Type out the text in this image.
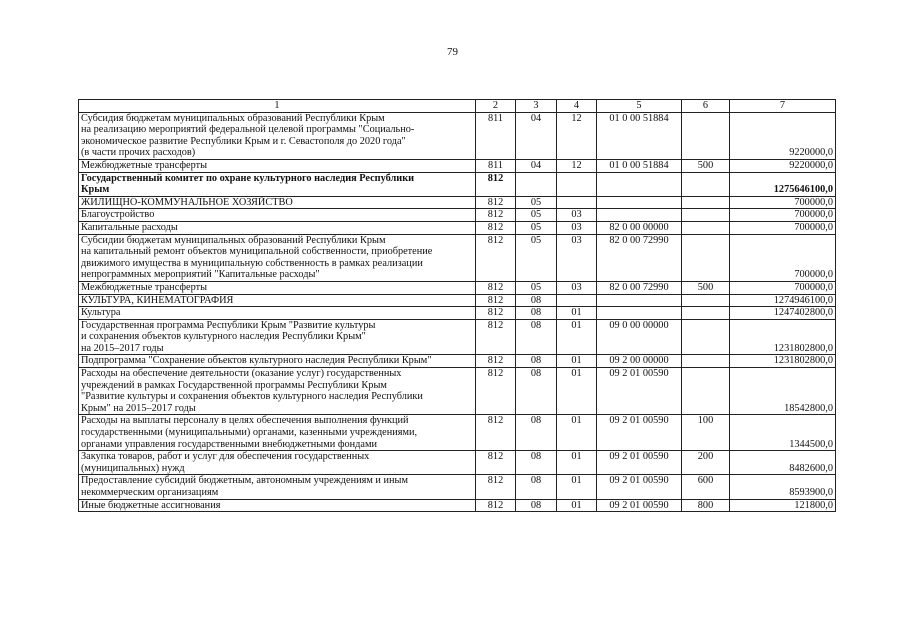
79
1	2	3	4	5	6	7
Субсидия бюджетам муниципальных образований Республики Крым
на реализацию мероприятий федеральной целевой программы "Социально-
экономическое развитие Республики Крым и г. Севастополя до 2020 года"
(в части прочих расходов)	811	04	12	01 0 00 51884		9220000,0
Межбюджетные трансферты	811	04	12	01 0 00 51884	500	9220000,0
Государственный комитет по охране культурного наследия Республики
Крым	812					1275646100,0
ЖИЛИЩНО-КОММУНАЛЬНОЕ ХОЗЯЙСТВО	812	05				700000,0
Благоустройство	812	05	03			700000,0
Капитальные расходы	812	05	03	82 0 00 00000		700000,0
Субсидии бюджетам муниципальных образований Республики Крым
на капитальный ремонт объектов муниципальной собственности, приобретение
движимого имущества в муниципальную собственность в рамках реализации
непрограммных мероприятий "Капитальные расходы"	812	05	03	82 0 00 72990		700000,0
Межбюджетные трансферты	812	05	03	82 0 00 72990	500	700000,0
КУЛЬТУРА, КИНЕМАТОГРАФИЯ	812	08				1274946100,0
Культура	812	08	01			1247402800,0
Государственная программа Республики Крым "Развитие культуры
и сохранения объектов культурного наследия Республики Крым"
на 2015–2017 годы	812	08	01	09 0 00 00000		1231802800,0
Подпрограмма "Сохранение объектов культурного наследия Республики Крым"	812	08	01	09 2 00 00000		1231802800,0
Расходы на обеспечение деятельности (оказание услуг) государственных
учреждений в рамках Государственной программы Республики Крым
"Развитие культуры и сохранения объектов культурного наследия Республики
Крым" на 2015–2017 годы	812	08	01	09 2 01 00590		18542800,0
Расходы на выплаты персоналу в целях обеспечения выполнения функций
государственными (муниципальными) органами, казенными учреждениями,
органами управления государственными внебюджетными фондами	812	08	01	09 2 01 00590	100	1344500,0
Закупка товаров, работ и услуг для обеспечения государственных
(муниципальных) нужд	812	08	01	09 2 01 00590	200	8482600,0
Предоставление субсидий бюджетным, автономным учреждениям и иным
некоммерческим организациям	812	08	01	09 2 01 00590	600	8593900,0
Иные бюджетные ассигнования	812	08	01	09 2 01 00590	800	121800,0
